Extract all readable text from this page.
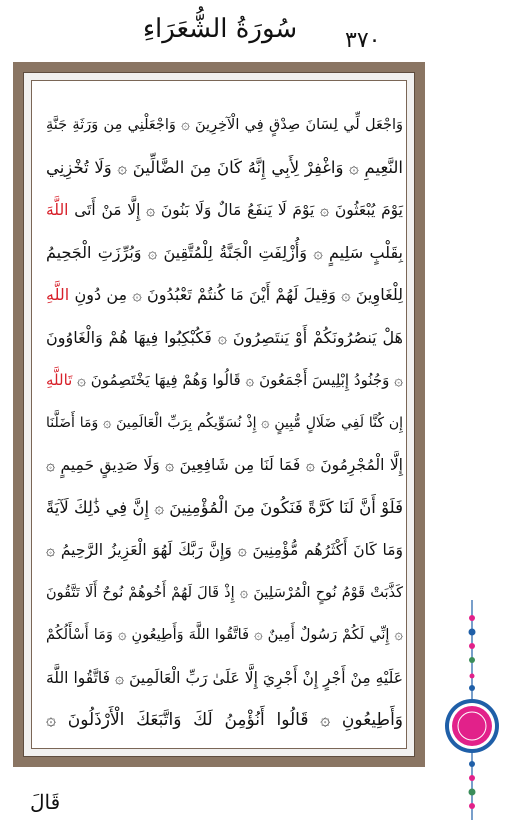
٣٧٠
سُورَةُ الشُّعَرَاءِ
وَاجْعَل لِّي لِسَانَ صِدْقٍ فِي الْآخِرِينَ ۞ وَاجْعَلْنِي مِن وَرَثَةِ جَنَّةِ
النَّعِيمِ ۞ وَاغْفِرْ لِأَبِي إِنَّهُ كَانَ مِنَ الضَّالِّينَ ۞ وَلَا تُخْزِنِي
يَوْمَ يُبْعَثُونَ ۞ يَوْمَ لَا يَنفَعُ مَالٌ وَلَا بَنُونَ ۞ إِلَّا مَنْ أَتَى اللَّهَ
بِقَلْبٍ سَلِيمٍ ۞ وَأُزْلِفَتِ الْجَنَّةُ لِلْمُتَّقِينَ ۞ وَبُرِّزَتِ الْجَحِيمُ
لِلْغَاوِينَ ۞ وَقِيلَ لَهُمْ أَيْنَ مَا كُنتُمْ تَعْبُدُونَ ۞ مِن دُونِ اللَّهِ
هَلْ يَنصُرُونَكُمْ أَوْ يَنتَصِرُونَ ۞ فَكُبْكِبُوا فِيهَا هُمْ وَالْغَاوُونَ
۞ وَجُنُودُ إِبْلِيسَ أَجْمَعُونَ ۞ قَالُوا وَهُمْ فِيهَا يَخْتَصِمُونَ ۞ تَاللَّهِ
إِن كُنَّا لَفِي ضَلَالٍ مُّبِينٍ ۞ إِذْ نُسَوِّيكُم بِرَبِّ الْعَالَمِينَ ۞ وَمَا أَضَلَّنَا
إِلَّا الْمُجْرِمُونَ ۞ فَمَا لَنَا مِن شَافِعِينَ ۞ وَلَا صَدِيقٍ حَمِيمٍ ۞
فَلَوْ أَنَّ لَنَا كَرَّةً فَنَكُونَ مِنَ الْمُؤْمِنِينَ ۞ إِنَّ فِي ذَٰلِكَ لَآيَةً
وَمَا كَانَ أَكْثَرُهُم مُّؤْمِنِينَ ۞ وَإِنَّ رَبَّكَ لَهُوَ الْعَزِيزُ الرَّحِيمُ ۞
كَذَّبَتْ قَوْمُ نُوحٍ الْمُرْسَلِينَ ۞ إِذْ قَالَ لَهُمْ أَخُوهُمْ نُوحٌ أَلَا تَتَّقُونَ
۞ إِنِّي لَكُمْ رَسُولٌ أَمِينٌ ۞ فَاتَّقُوا اللَّهَ وَأَطِيعُونِ ۞ وَمَا أَسْأَلُكُمْ
عَلَيْهِ مِنْ أَجْرٍ إِنْ أَجْرِيَ إِلَّا عَلَىٰ رَبِّ الْعَالَمِينَ ۞ فَاتَّقُوا اللَّهَ
وَأَطِيعُونِ ۞ قَالُوا أَنُؤْمِنُ لَكَ وَاتَّبَعَكَ الْأَرْذَلُونَ ۞
قَالَ
